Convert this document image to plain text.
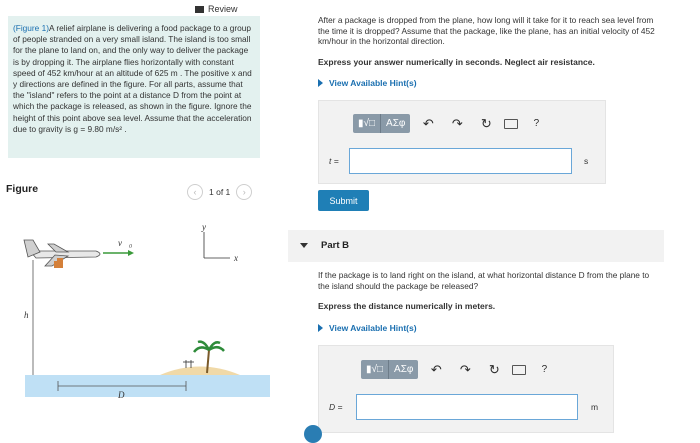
Review
(Figure 1)A relief airplane is delivering a food package to a group of people stranded on a very small island. The island is too small for the plane to land on, and the only way to deliver the package is by dropping it. The airplane flies horizontally with constant speed of 452 km/hour at an altitude of 625 m . The positive x and y directions are defined in the figure. For all parts, assume that the "island" refers to the point at a distance D from the point at which the package is released, as shown in the figure. Ignore the height of this point above sea level. Assume that the acceleration due to gravity is g = 9.80 m/s² .
Figure	‹	1 of 1	›
v⃗₀
y
x
h
D
After a package is dropped from the plane, how long will it take for it to reach sea level from the time it is dropped? Assume that the package, like the plane, has an initial velocity of 452 km/hour in the horizontal direction.
Express your answer numerically in seconds. Neglect air resistance.
View Available Hint(s)
▮√□	ΑΣφ	↶	↷	↻	?
t =	s
Submit
Part B
If the package is to land right on the island, at what horizontal distance D from the plane to the island should the package be released?
Express the distance numerically in meters.
View Available Hint(s)
▮√□	ΑΣφ	↶	↷	↻	?
D =	m
